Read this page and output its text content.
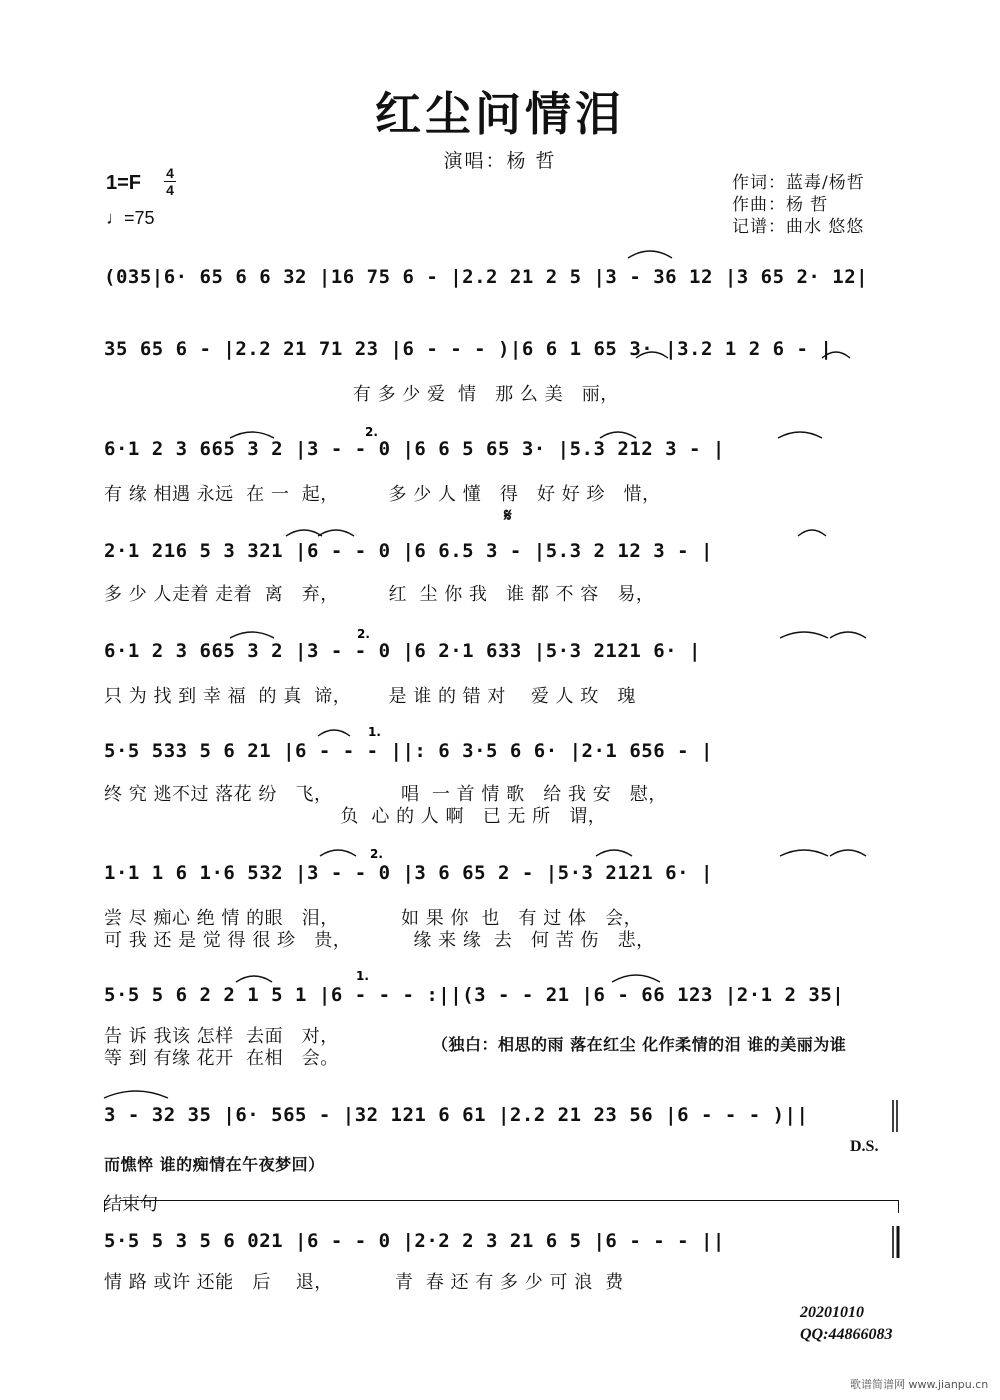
红尘问情泪
演唱：杨 哲
1=F 4
4
♩=75
作词：蓝毒/杨哲
作曲：杨 哲
记谱：曲水 悠悠
(035|6· 65 6 6 32 |16 75 6 - |2.2 21 2 5 |3 - 36 12 |3 65 2· 12|
35 65 6 - |2.2 21 71 23 |6 - - - )|6 6 1 65 3· |3.2 1 2 6 - |
有 多 少 爱  情   那 么 美   丽，
6·1 2 3 665 3 2 |3 - - 0 |6 6 5 65 3· |5.3 212 3 - |
有 缘 相遇 永远  在 一  起，        多 少 人 懂   得   好 好 珍   惜，
𝄋
2·1 216 5 3 321 |6 - - 0 |6 6.5 3 - |5.3 2 12 3 - |
多 少 人走着 走着  离   弃，        红  尘 你 我   谁 都 不 容   易，
6·1 2 3 665 3 2 |3 - - 0 |6 2·1 633 |5·3 2121 6· |
只 为 找 到 幸 福  的 真  谛，      是 谁 的 错 对    爱 人 玫   瑰
5·5 533 5 6 21 |6 - - - ||: 6 3·5 6 6· |2·1 656 - |
终 究 逃不过 落花 纷   飞，           唱  一 首 情 歌   给 我 安   慰，
负  心 的 人 啊   已 无 所   谓，
1·1 1 6 1·6 532 |3 - - 0 |3 6 65 2 - |5·3 2121 6· |
尝 尽 痴心 绝 情 的眼   泪，          如 果 你  也   有 过 体   会，
可 我 还 是 觉 得 很 珍   贵，          缘 来 缘  去   何 苦 伤   悲，
5·5 5 6 2 2 1 5 1 |6 - - - :||(3 - - 21 |6 - 66 123 |2·1 2 35|
告 诉 我该 怎样  去面   对，
等 到 有缘 花开  在相   会。
（独白：相思的雨 落在红尘 化作柔情的泪 谁的美丽为谁
3 - 32 35 |6· 565 - |32 121 6 61 |2.2 21 23 56 |6 - - - )||
而憔悴 谁的痴情在午夜梦回）
D.S.
结束句
5·5 5 3 5 6 021 |6 - - 0 |2·2 2 3 21 6 5 |6 - - - ||
情 路 或许 还能   后    退，          青  春 还 有 多 少 可 浪  费
20201010
QQ:44866083
歌谱简谱网 www.jianpu.cn
2.
2.
1.
2.
1.
